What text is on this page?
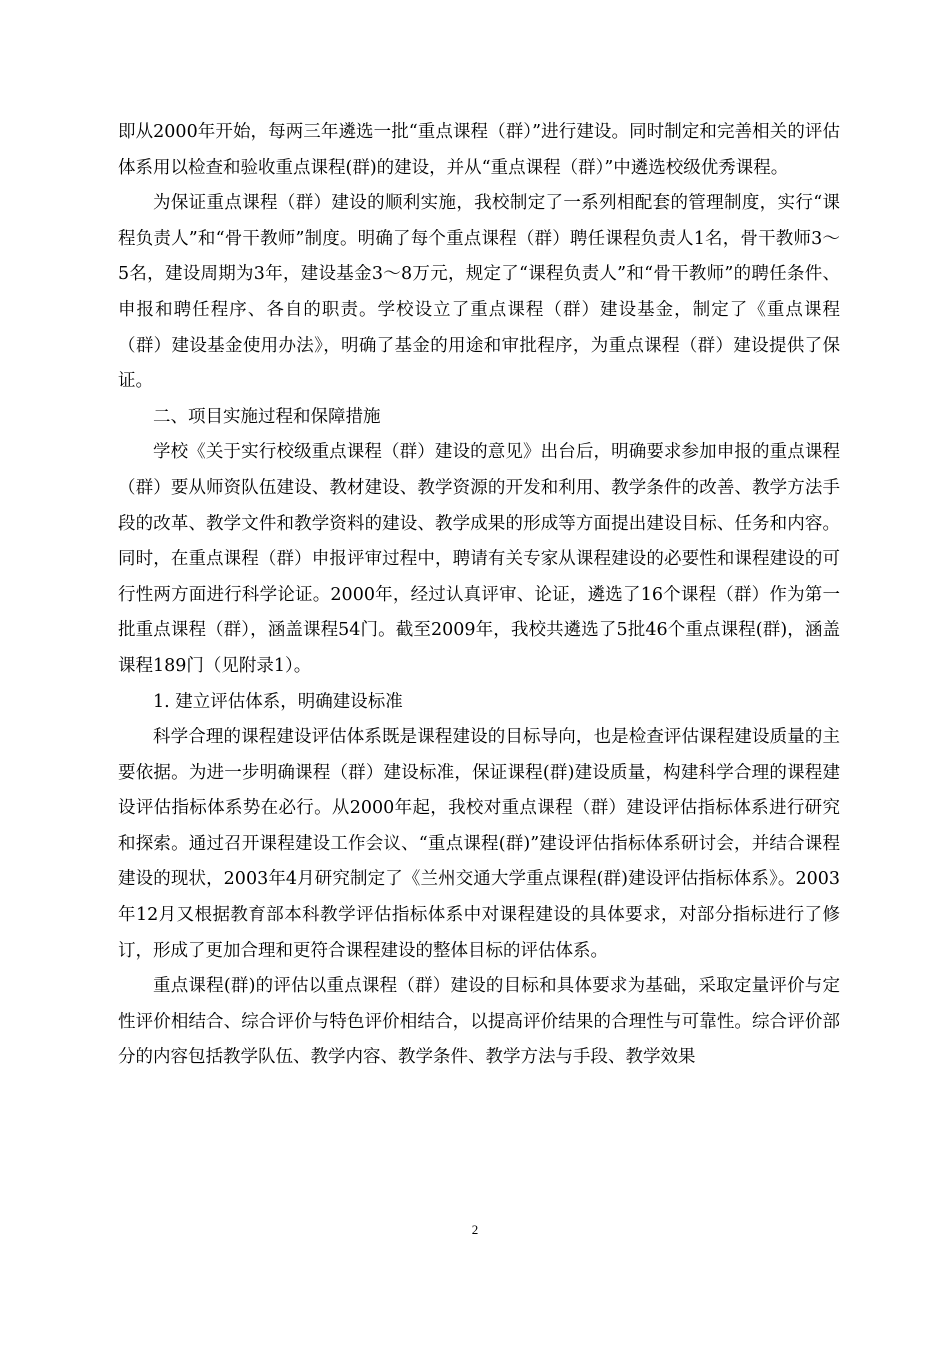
即从2000年开始，每两三年遴选一批“重点课程（群）”进行建设。同时制定和完善相关的评估体系用以检查和验收重点课程(群)的建设，并从“重点课程（群）”中遴选校级优秀课程。

为保证重点课程（群）建设的顺利实施，我校制定了一系列相配套的管理制度，实行“课程负责人”和“骨干教师”制度。明确了每个重点课程（群）聘任课程负责人1名，骨干教师3～5名，建设周期为3年，建设基金3～8万元，规定了“课程负责人”和“骨干教师”的聘任条件、申报和聘任程序、各自的职责。学校设立了重点课程（群）建设基金，制定了《重点课程（群）建设基金使用办法》，明确了基金的用途和审批程序，为重点课程（群）建设提供了保证。

二、项目实施过程和保障措施

学校《关于实行校级重点课程（群）建设的意见》出台后，明确要求参加申报的重点课程（群）要从师资队伍建设、教材建设、教学资源的开发和利用、教学条件的改善、教学方法手段的改革、教学文件和教学资料的建设、教学成果的形成等方面提出建设目标、任务和内容。同时，在重点课程（群）申报评审过程中，聘请有关专家从课程建设的必要性和课程建设的可行性两方面进行科学论证。2000年，经过认真评审、论证，遴选了16个课程（群）作为第一批重点课程（群），涵盖课程54门。截至2009年，我校共遴选了5批46个重点课程(群)，涵盖课程189门（见附录1）。

1. 建立评估体系，明确建设标准

科学合理的课程建设评估体系既是课程建设的目标导向，也是检查评估课程建设质量的主要依据。为进一步明确课程（群）建设标准，保证课程(群)建设质量，构建科学合理的课程建设评估指标体系势在必行。从2000年起，我校对重点课程（群）建设评估指标体系进行研究和探索。通过召开课程建设工作会议、“重点课程(群)”建设评估指标体系研讨会，并结合课程建设的现状，2003年4月研究制定了《兰州交通大学重点课程(群)建设评估指标体系》。2003年12月又根据教育部本科教学评估指标体系中对课程建设的具体要求，对部分指标进行了修订，形成了更加合理和更符合课程建设的整体目标的评估体系。

重点课程(群)的评估以重点课程（群）建设的目标和具体要求为基础，采取定量评价与定性评价相结合、综合评价与特色评价相结合，以提高评价结果的合理性与可靠性。综合评价部分的内容包括教学队伍、教学内容、教学条件、教学方法与手段、教学效果

2
